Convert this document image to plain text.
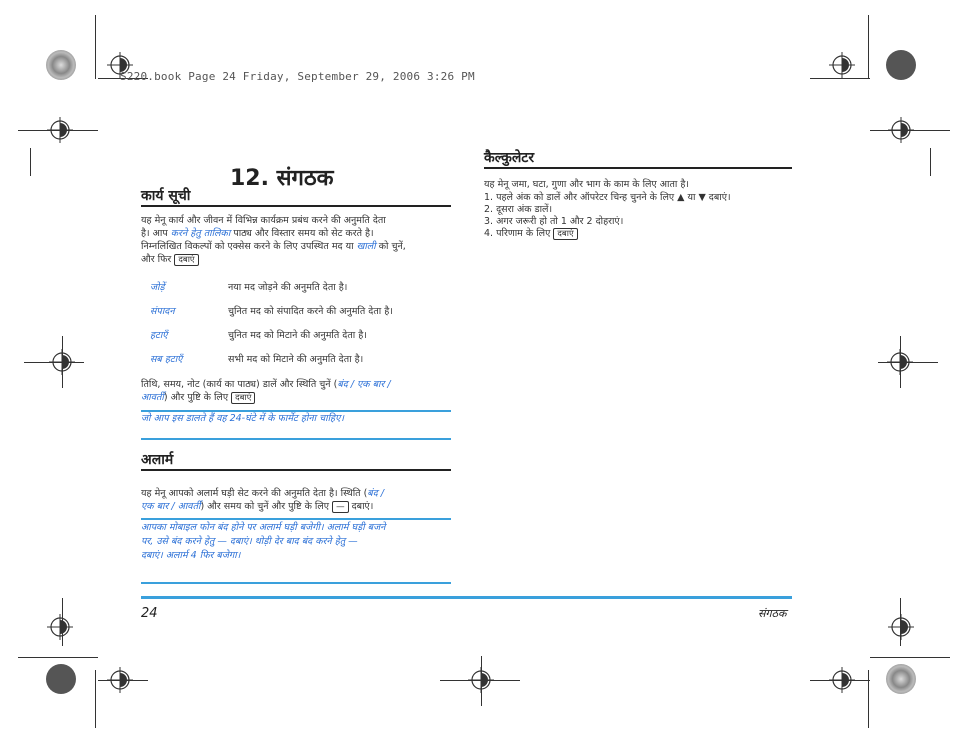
S220.book Page 24 Friday, September 29, 2006 3:26 PM
12. संगठक
कार्य सूची
यह मेनू कार्य और जीवन में विभिन्न कार्यक्रम प्रबंध करने की अनुमति देता
है। आप करने हेतु तालिका पाठ्य और विस्तार समय को सेट करते है।
निम्नलिखित विकल्पों को एक्सेस करने के लिए उपस्थित मद या खाली को चुनें,
और फिर दबाएं
जोड़ें	नया मद जोड़ने की अनुमति देता है।
संपादन	चुनित मद को संपादित करने की अनुमति देता है।
हटाएँ	चुनित मद को मिटाने की अनुमति देता है।
सब हटाएँ	सभी मद को मिटाने की अनुमति देता है।
तिथि, समय, नोट (कार्य का पाठ्य) डालें और स्थिति चुनें (बंद / एक बार /
आवर्ती) और पुष्टि के लिए दबाएं
जो आप इस डालते हैं वह 24-घंटे में के फार्मेट होना चाहिए।
अलार्म
यह मेनू आपको अलार्म घड़ी सेट करने की अनुमति देता है। स्थिति (बंद /
एक बार / आवर्ती) और समय को चुनें और पुष्टि के लिए — दबाएं।
आपका मोबाइल फोन बंद होने पर अलार्म घड़ी बजेगी। अलार्म घड़ी बजने
पर, उसे बंद करने हेतु — दबाएं। थोड़ी देर बाद बंद करने हेतु —
दबाएं। अलार्म 4 फिर बजेगा।
कैल्कुलेटर
यह मेनू जमा, घटा, गुणा और भाग के काम के लिए आता है।
1. पहले अंक को डालें और ऑपरेटर चिन्ह चुनने के लिए ▲ या ▼ दबाएं।
2. दूसरा अंक डालें।
3. अगर जरूरी हो तो 1 और 2 दोहराएं।
4. परिणाम के लिए दबाएं
24	संगठक
